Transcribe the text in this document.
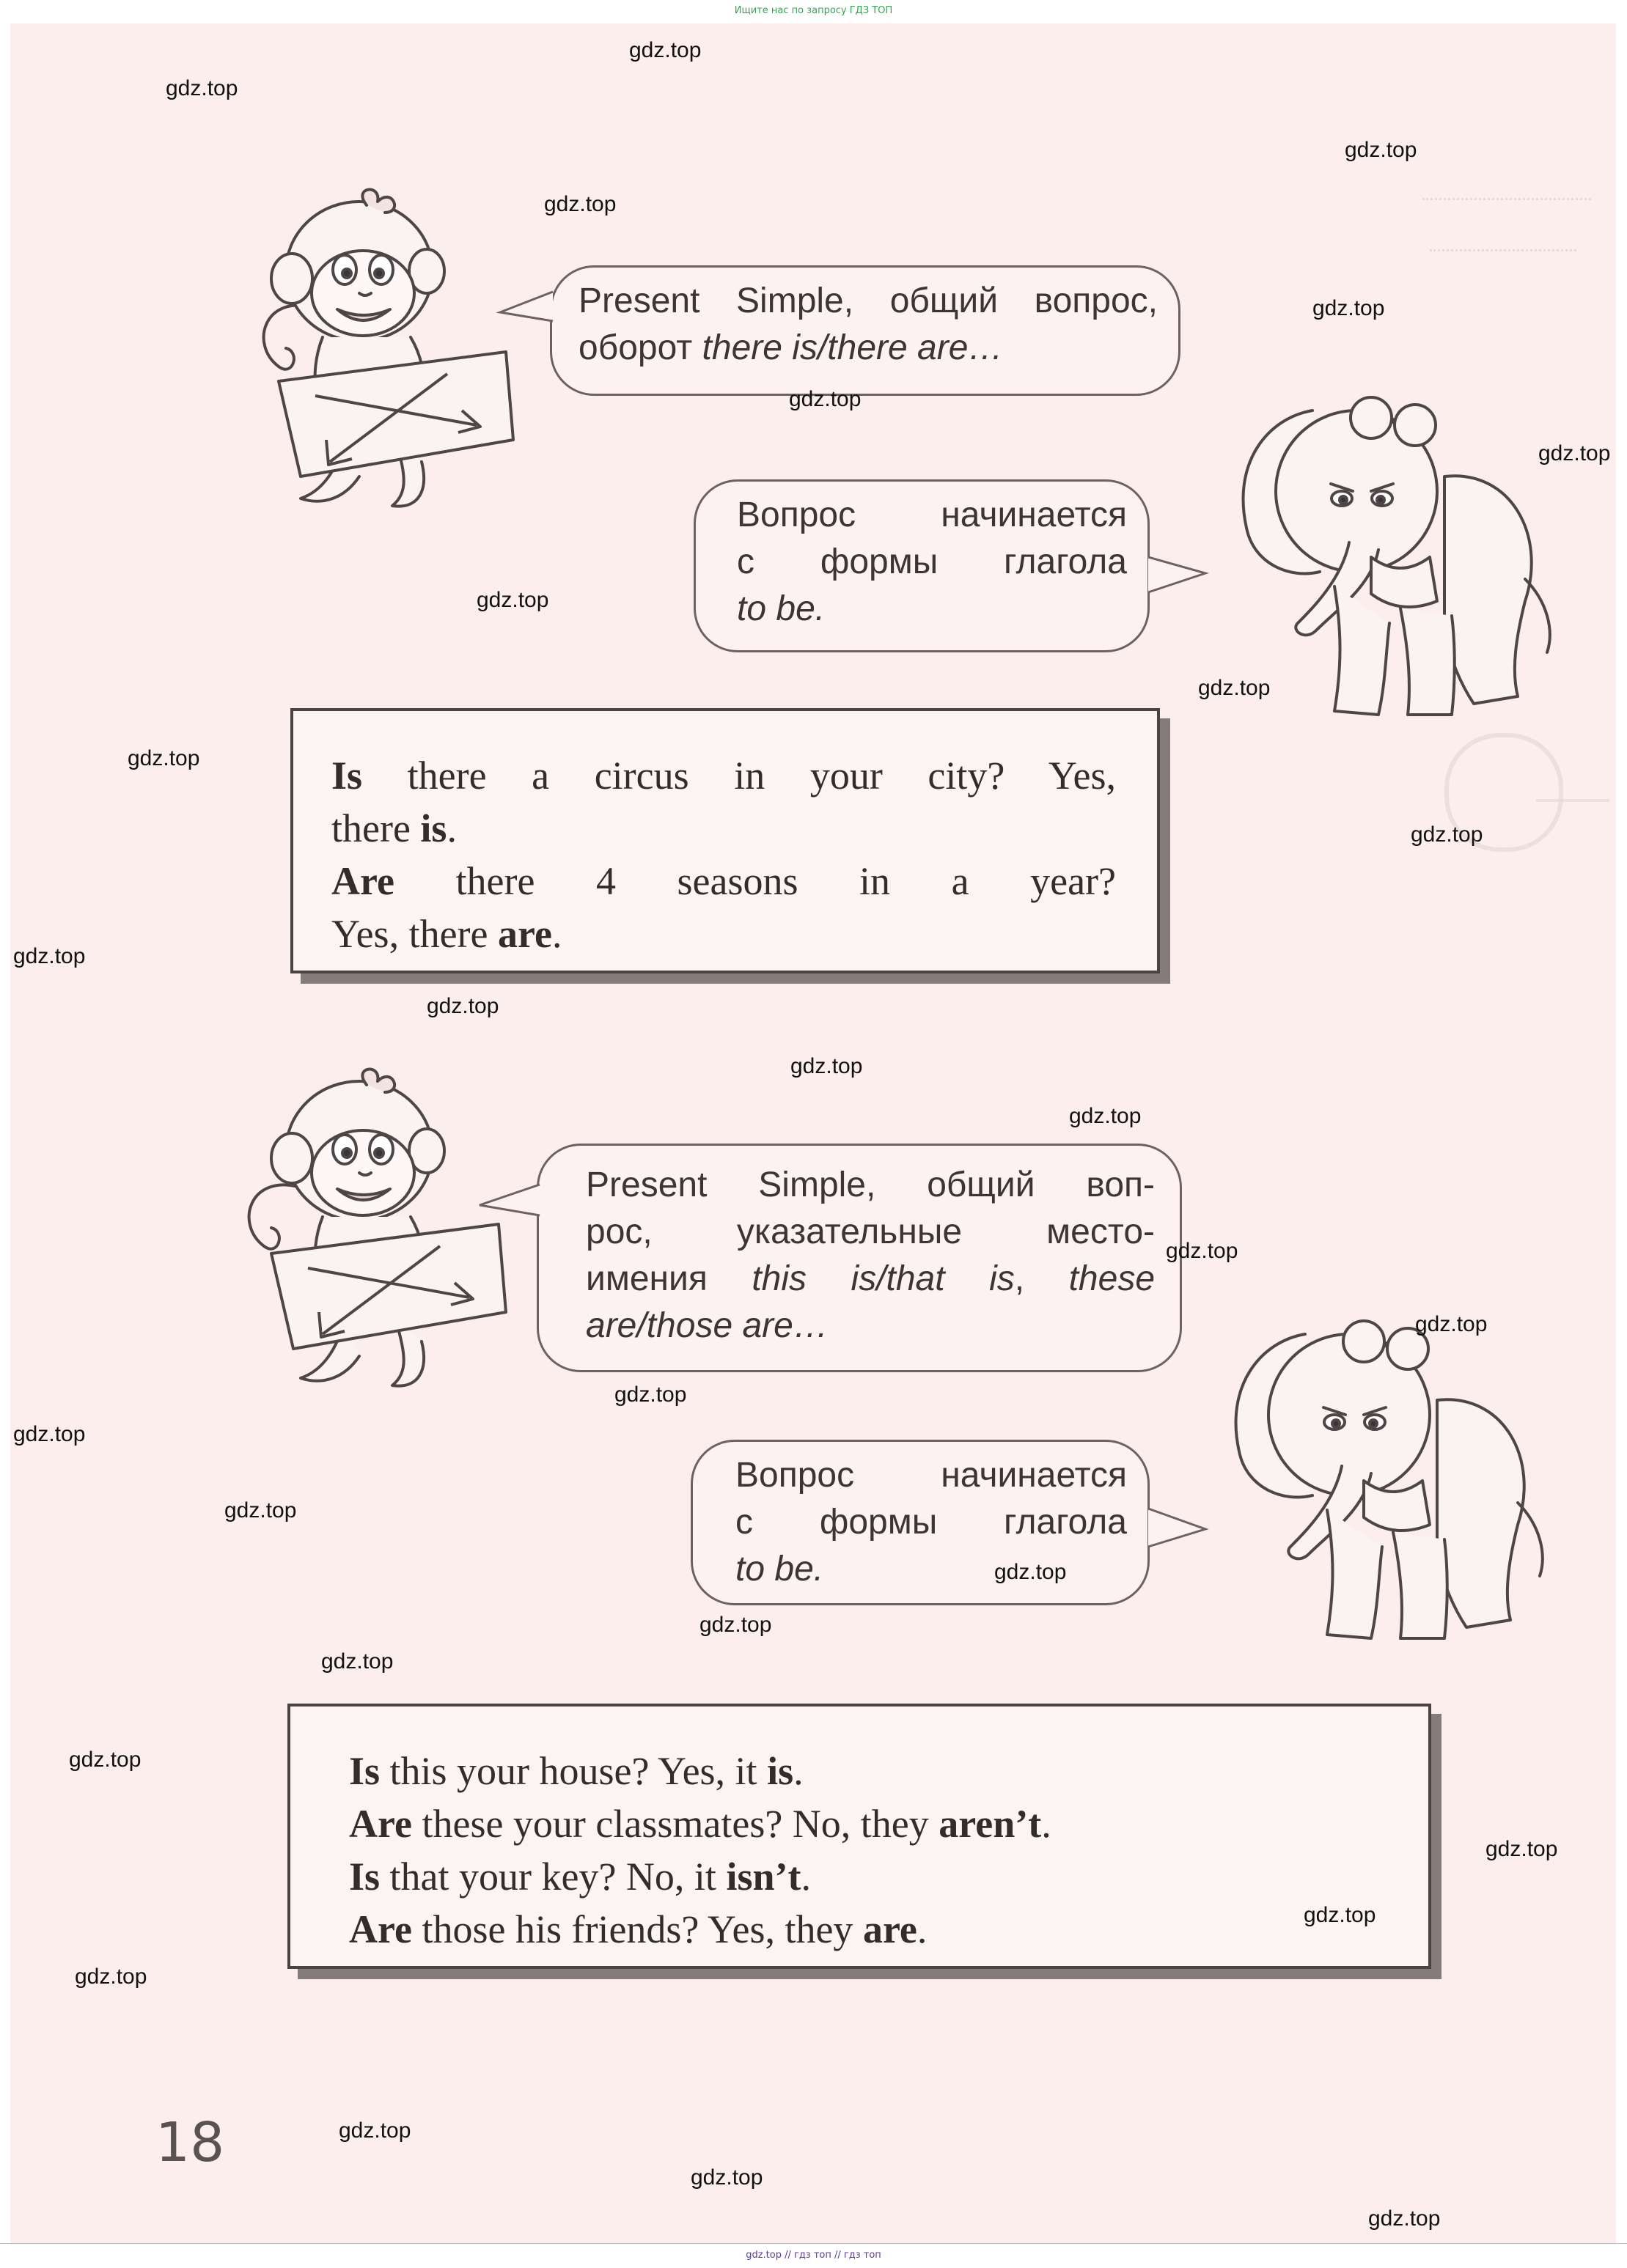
Ищите нас по запросу ГДЗ ТОП
Present Simple, общий вопрос,
оборот there is/there are…
Вопрос начинается
с формы глагола
to be.
Is there a circus in your city? Yes,
there is.
Are there 4 seasons in a year?
Yes, there are.
Present Simple, общий воп-
рос, указательные место-
имения this is/that is, these
are/those are…
Вопрос начинается
с формы глагола
to be.
Is this your house? Yes, it is.
Are these your classmates? No, they aren’t.
Is that your key? No, it isn’t.
Are those his friends? Yes, they are.
18
gdz.top
gdz.top
gdz.top
gdz.top
gdz.top
gdz.top
gdz.top
gdz.top
gdz.top
gdz.top
gdz.top
gdz.top
gdz.top
gdz.top
gdz.top
gdz.top
gdz.top
gdz.top
gdz.top
gdz.top
gdz.top
gdz.top
gdz.top
gdz.top
gdz.top
gdz.top
gdz.top
gdz.top
gdz.top
gdz.top
gdz.top // гдз топ // гдз топ
